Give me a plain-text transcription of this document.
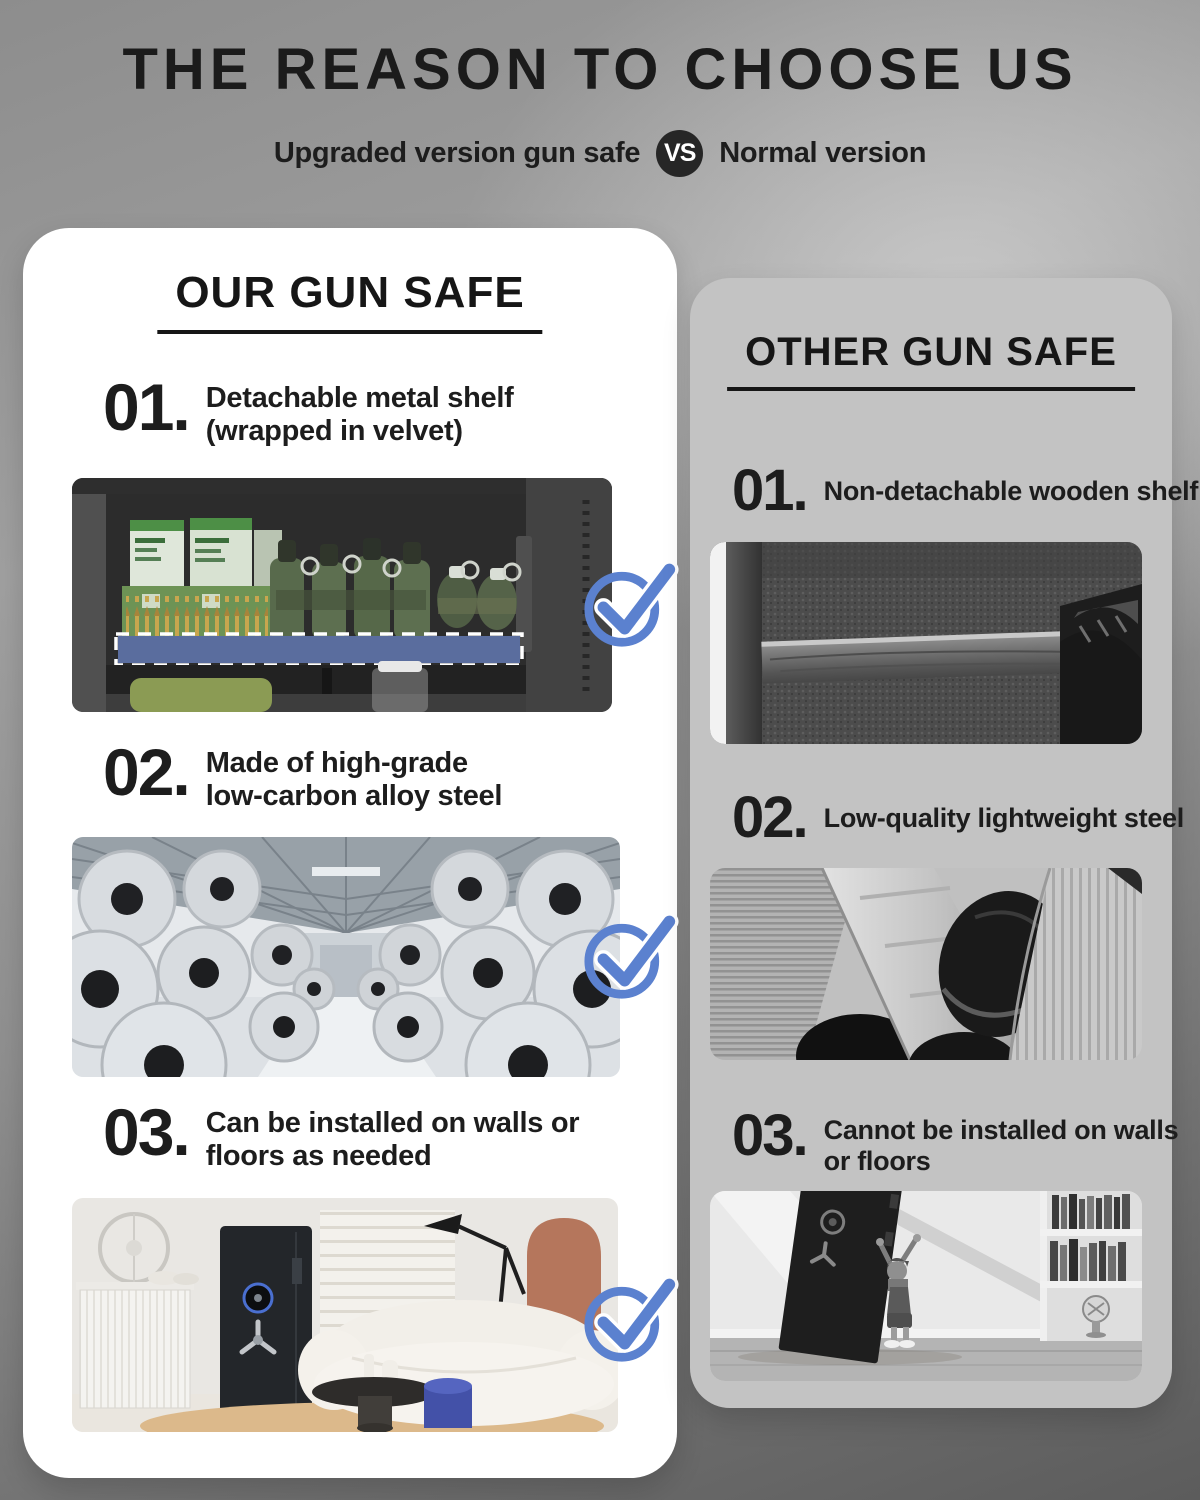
THE REASON TO CHOOSE US
Upgraded version gun safe VS Normal version
OUR GUN SAFE
01. Detachable metal shelf
(wrapped in velvet)
02. Made of high-grade
low-carbon alloy steel
03. Can be installed on walls or
floors as needed
OTHER GUN SAFE
01. Non-detachable wooden shelf
02. Low-quality lightweight steel
03. Cannot be installed on walls
or floors
